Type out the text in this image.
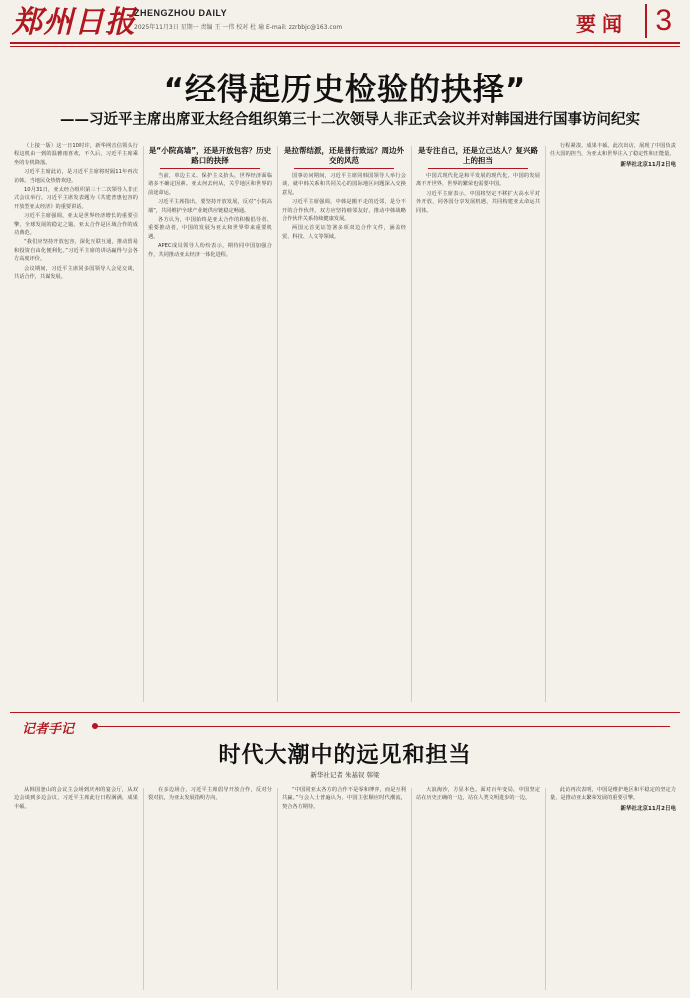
郑州日报
ZHENGZHOU DAILY
2025年11月3日 星期一 责编 王 一伟 校对 杜 瑜 E-mail: zzrbbjc@163.com	要闻 3
“经得起历史检验的抉择”
——习近平主席出席亚太经合组织第三十二次领导人非正式会议并对韩国进行国事访问纪实

（上接一版）这一日10时许，新华网音信领头行程这机由一到的温雅雨喜欢，不久后，习近平主席乘坐的专机降落。

习近平主席此访，是习近平主席将时隔11年再次访韩。当地民众热情欢迎。

10月31日，亚太经合组织第三十二次领导人非正式会议举行。习近平主席发表题为《共建普惠包容的开放型亚太经济》的重要讲话。

习近平主席强调，亚太是世界经济增长的重要引擎，全球发展的稳定之锚。亚太合作是区域合作的成功典范。

“我们应坚持开放包容，深化互联互通，推动贸易和投资自由化便利化。”习近平主席的讲话赢得与会各方高度评价。

会议期间，习近平主席同多国领导人会见交谈，共话合作，共谋发展。

是“小院高墙”，还是开放包容？历史路口的抉择

当前，单边主义、保护主义抬头，世界经济面临诸多不确定因素。亚太何去何从，关乎地区和世界的前途命运。

习近平主席指出，要坚持开放发展，反对“小院高墙”，共同维护全球产业链供应链稳定畅通。

各方认为，中国始终是亚太合作的积极倡导者、重要推动者，中国的发展为亚太和世界带来重要机遇。

APEC成员领导人纷纷表示，期待同中国加强合作，共同推动亚太经济一体化进程。

是拉帮结派，还是普行致远？周边外交的风范

国事访问期间，习近平主席同韩国领导人举行会谈，就中韩关系和共同关心的国际地区问题深入交换意见。

习近平主席强调，中韩是搬不走的近邻，是分不开的合作伙伴。双方应坚持睦邻友好，推动中韩战略合作伙伴关系持续健康发展。

两国元首见证签署多项双边合作文件，涵盖经贸、科技、人文等领域。

是专注自己，还是立己达人？复兴路上的担当

中国式现代化是和平发展的现代化，中国的发展离不开世界，世界的繁荣也需要中国。

习近平主席表示，中国将坚定不移扩大高水平对外开放，同各国分享发展机遇，共同构建亚太命运共同体。

行程紧凑，成果丰硕。此次出访，展现了中国负责任大国的担当，为亚太和世界注入了稳定性和正能量。

新华社北京11月2日电
记者手记
时代大潮中的远见和担当
新华社记者 朱基钗 韩梁

从韩国釜山的会议主会场到庆州的宴会厅，从双边会谈到多边会议，习近平主席此行日程满满，成果丰硕。

在多边场合，习近平主席倡导开放合作，反对分裂对抗，为亚太发展指明方向。

“中国同亚太各方的合作不是零和博弈，而是互利共赢。”与会人士普遍认为，中国主张顺应时代潮流，契合各方期待。

大浪淘沙，方显本色。面对百年变局，中国坚定站在历史正确的一边，站在人类文明进步的一边。

此访再次表明，中国是维护地区和平稳定的坚定力量，是推动亚太繁荣发展的重要引擎。

新华社北京11月2日电
